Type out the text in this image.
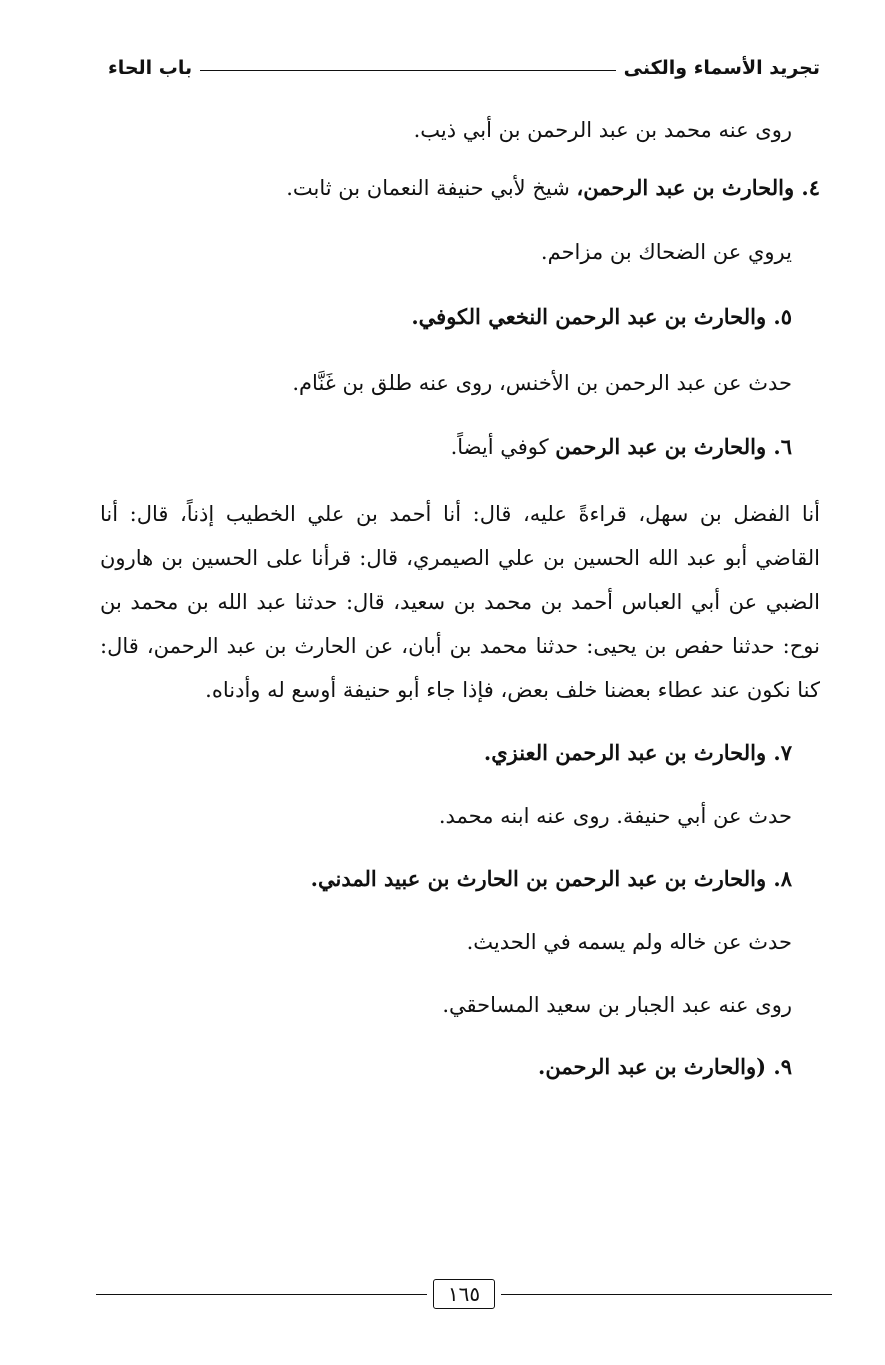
تجريد الأسماء والكنى
باب الحاء

روى عنه محمد بن عبد الرحمن بن أبي ذيب.

٤. والحارث بن عبد الرحمن، شيخ لأبي حنيفة النعمان بن ثابت.

يروي عن الضحاك بن مزاحم.

٥. والحارث بن عبد الرحمن النخعي الكوفي.

حدث عن عبد الرحمن بن الأخنس، روى عنه طلق بن غَنَّام.

٦. والحارث بن عبد الرحمن كوفي أيضاً.

أنا الفضل بن سهل، قراءةً عليه، قال: أنا أحمد بن علي الخطيب إذناً، قال: أنا القاضي أبو عبد الله الحسين بن علي الصيمري، قال: قرأنا على الحسين بن هارون الضبي عن أبي العباس أحمد بن محمد بن سعيد، قال: حدثنا عبد الله بن محمد بن نوح: حدثنا حفص بن يحيى: حدثنا محمد بن أبان، عن الحارث بن عبد الرحمن، قال: كنا نكون عند عطاء بعضنا خلف بعض، فإذا جاء أبو حنيفة أوسع له وأدناه.

٧. والحارث بن عبد الرحمن العنزي.

حدث عن أبي حنيفة. روى عنه ابنه محمد.

٨. والحارث بن عبد الرحمن بن الحارث بن عبيد المدني.

حدث عن خاله ولم يسمه في الحديث.

روى عنه عبد الجبار بن سعيد المساحقي.

٩. (والحارث بن عبد الرحمن.

١٦٥
